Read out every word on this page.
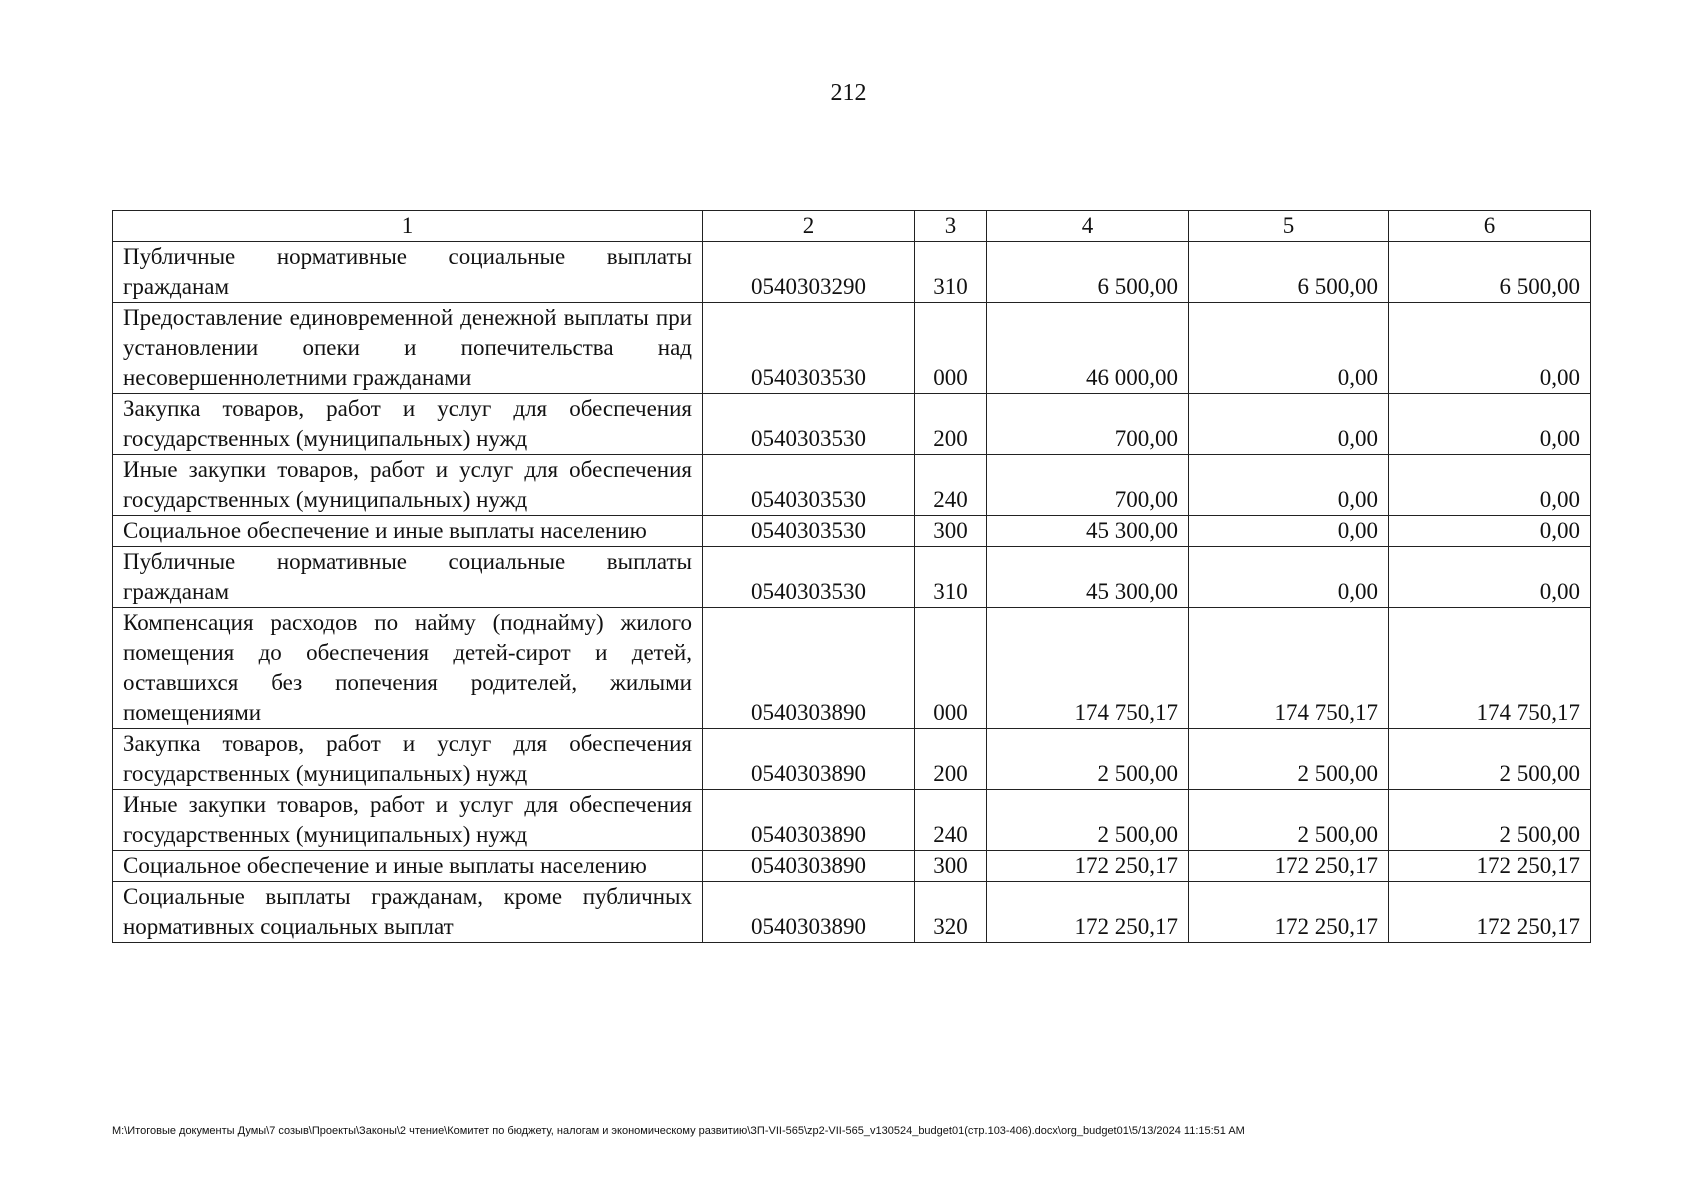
212
1	2	3	4	5	6
Публичные нормативные социальные выплаты гражданам	0540303290	310	6 500,00	6 500,00	6 500,00
Предоставление единовременной денежной выплаты при установлении опеки и попечительства над несовершеннолетними гражданами	0540303530	000	46 000,00	0,00	0,00
Закупка товаров, работ и услуг для обеспечения государственных (муниципальных) нужд	0540303530	200	700,00	0,00	0,00
Иные закупки товаров, работ и услуг для обеспечения государственных (муниципальных) нужд	0540303530	240	700,00	0,00	0,00
Социальное обеспечение и иные выплаты населению	0540303530	300	45 300,00	0,00	0,00
Публичные нормативные социальные выплаты гражданам	0540303530	310	45 300,00	0,00	0,00
Компенсация расходов по найму (поднайму) жилого помещения до обеспечения детей-сирот и детей, оставшихся без попечения родителей, жилыми помещениями	0540303890	000	174 750,17	174 750,17	174 750,17
Закупка товаров, работ и услуг для обеспечения государственных (муниципальных) нужд	0540303890	200	2 500,00	2 500,00	2 500,00
Иные закупки товаров, работ и услуг для обеспечения государственных (муниципальных) нужд	0540303890	240	2 500,00	2 500,00	2 500,00
Социальное обеспечение и иные выплаты населению	0540303890	300	172 250,17	172 250,17	172 250,17
Социальные выплаты гражданам, кроме публичных нормативных социальных выплат	0540303890	320	172 250,17	172 250,17	172 250,17
M:\Итоговые документы Думы\7 созыв\Проекты\Законы\2 чтение\Комитет по бюджету, налогам и экономическому развитию\ЗП-VII-565\zp2-VII-565_v130524_budget01(стр.103-406).docx\org_budget01\5/13/2024 11:15:51 AM
